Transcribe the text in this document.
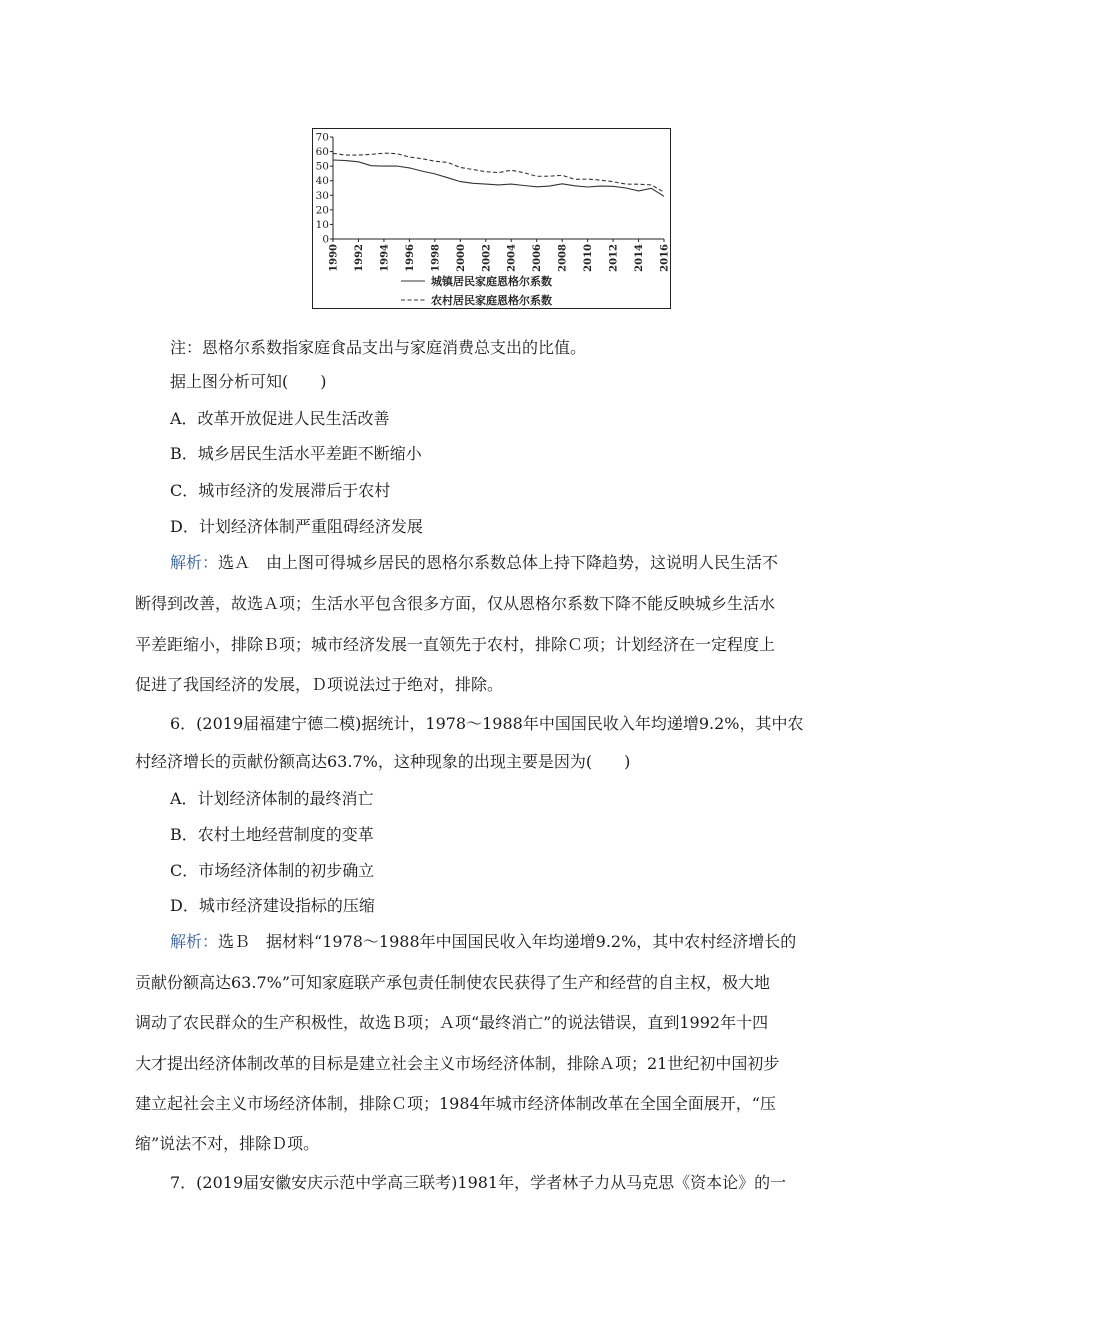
0
10
20
30
40
50
60
70
1990 1992 1994 1996 1998 2000 2002 2004 2006 2008 2010 2012 2014 2016
城镇居民家庭恩格尔系数
农村居民家庭恩格尔系数
注：恩格尔系数指家庭食品支出与家庭消费总支出的比值。
据上图分析可知(　　)
A．改革开放促进人民生活改善
B．城乡居民生活水平差距不断缩小
C．城市经济的发展滞后于农村
D．计划经济体制严重阻碍经济发展
解析：选Ａ　由上图可得城乡居民的恩格尔系数总体上持下降趋势，这说明人民生活不
断得到改善，故选Ａ项；生活水平包含很多方面，仅从恩格尔系数下降不能反映城乡生活水
平差距缩小，排除Ｂ项；城市经济发展一直领先于农村，排除Ｃ项；计划经济在一定程度上
促进了我国经济的发展，Ｄ项说法过于绝对，排除。
6．(2019届福建宁德二模)据统计，1978～1988年中国国民收入年均递增9.2%，其中农
村经济增长的贡献份额高达63.7%，这种现象的出现主要是因为(　　)
A．计划经济体制的最终消亡
B．农村土地经营制度的变革
C．市场经济体制的初步确立
D．城市经济建设指标的压缩
解析：选Ｂ　据材料“1978～1988年中国国民收入年均递增9.2%，其中农村经济增长的
贡献份额高达63.7%”可知家庭联产承包责任制使农民获得了生产和经营的自主权，极大地
调动了农民群众的生产积极性，故选Ｂ项；Ａ项“最终消亡”的说法错误，直到1992年十四
大才提出经济体制改革的目标是建立社会主义市场经济体制，排除Ａ项；21世纪初中国初步
建立起社会主义市场经济体制，排除Ｃ项；1984年城市经济体制改革在全国全面展开，“压
缩”说法不对，排除Ｄ项。
7．(2019届安徽安庆示范中学高三联考)1981年，学者林子力从马克思《资本论》的一
